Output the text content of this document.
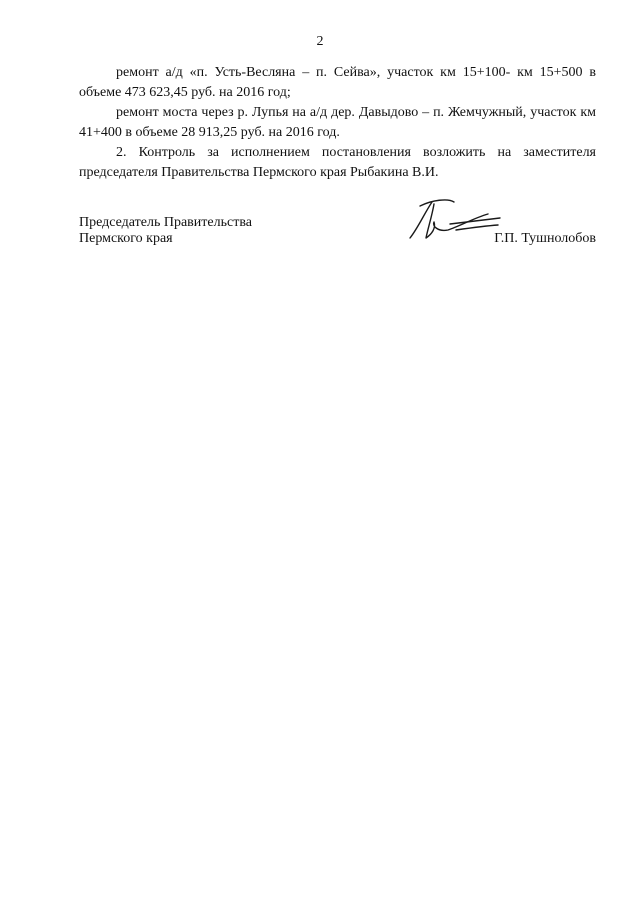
2

ремонт а/д «п. Усть-Весляна – п. Сейва», участок км 15+100- км 15+500 в объеме 473 623,45 руб. на 2016 год;

ремонт моста через р. Лупья на а/д дер. Давыдово – п. Жемчужный, участок км 41+400 в объеме 28 913,25 руб. на 2016 год.

2. Контроль за исполнением постановления возложить на заместителя председателя Правительства Пермского края Рыбакина В.И.

Председатель Правительства
Пермского края	Г.П. Тушнолобов
